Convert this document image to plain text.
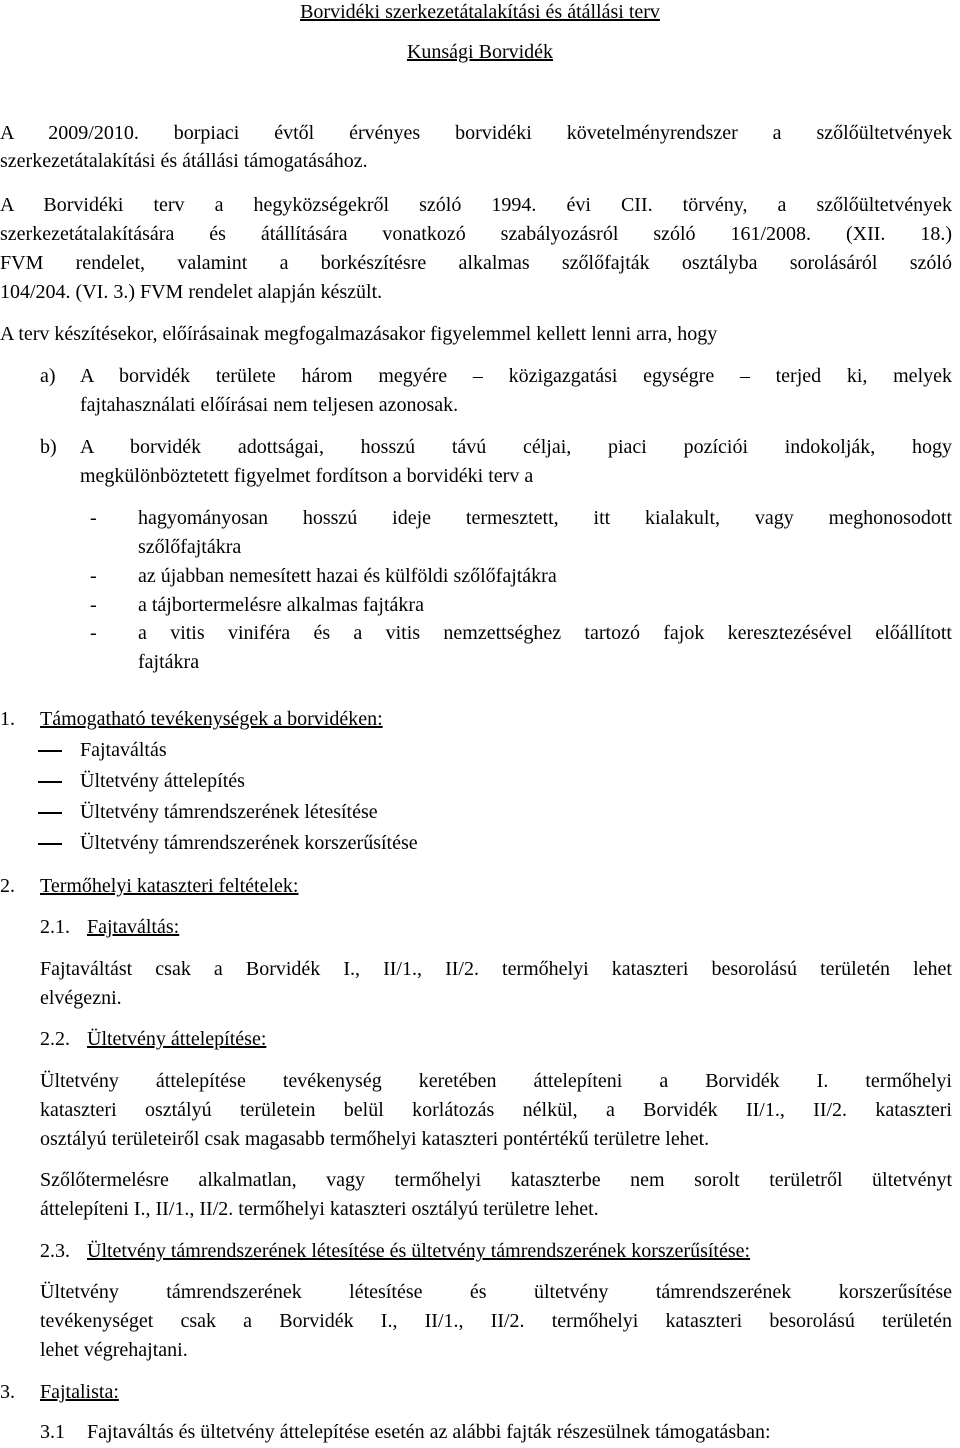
Borvidéki szerkezetátalakítási és átállási terv
Kunsági Borvidék
A 2009/2010. borpiaci évtől érvényes borvidéki követelményrendszer a szőlőültetvények
szerkezetátalakítási és átállási támogatásához.
A Borvidéki terv a hegyközségekről szóló 1994. évi CII. törvény, a szőlőültetvények
szerkezetátalakítására és átállítására vonatkozó szabályozásról szóló 161/2008. (XII. 18.)
FVM rendelet, valamint a borkészítésre alkalmas szőlőfajták osztályba sorolásáról szóló
104/204. (VI. 3.) FVM rendelet alapján készült.
A terv készítésekor, előírásainak megfogalmazásakor figyelemmel kellett lenni arra, hogy
a) A borvidék területe három megyére – közigazgatási egységre – terjed ki, melyek
fajtahasználati előírásai nem teljesen azonosak.
b) A borvidék adottságai, hosszú távú céljai, piaci pozíciói indokolják, hogy
megkülönböztetett figyelmet fordítson a borvidéki terv a
- hagyományosan hosszú ideje termesztett, itt kialakult, vagy meghonosodott
szőlőfajtákra
- az újabban nemesített hazai és külföldi szőlőfajtákra
- a tájbortermelésre alkalmas fajtákra
- a vitis viniféra és a vitis nemzettséghez tartozó fajok keresztezésével előállított
fajtákra
1. Támogatható tevékenységek a borvidéken:
Fajtaváltás
Ültetvény áttelepítés
Ültetvény támrendszerének létesítése
Ültetvény támrendszerének korszerűsítése
2. Termőhelyi kataszteri feltételek:
2.1. Fajtaváltás:
Fajtaváltást csak a Borvidék I., II/1., II/2. termőhelyi kataszteri besorolású területén lehet
elvégezni.
2.2. Ültetvény áttelepítése:
Ültetvény áttelepítése tevékenység keretében áttelepíteni a Borvidék I. termőhelyi
kataszteri osztályú területein belül korlátozás nélkül, a Borvidék II/1., II/2. kataszteri
osztályú területeiről csak magasabb termőhelyi kataszteri pontértékű területre lehet.
Szőlőtermelésre alkalmatlan, vagy termőhelyi kataszterbe nem sorolt területről ültetvényt
áttelepíteni I., II/1., II/2. termőhelyi kataszteri osztályú területre lehet.
2.3. Ültetvény támrendszerének létesítése és ültetvény támrendszerének korszerűsítése:
Ültetvény támrendszerének létesítése és ültetvény támrendszerének korszerűsítése
tevékenységet csak a Borvidék I., II/1., II/2. termőhelyi kataszteri besorolású területén
lehet végrehajtani.
3. Fajtalista:
3.1 Fajtaváltás és ültetvény áttelepítése esetén az alábbi fajták részesülnek támogatásban:
